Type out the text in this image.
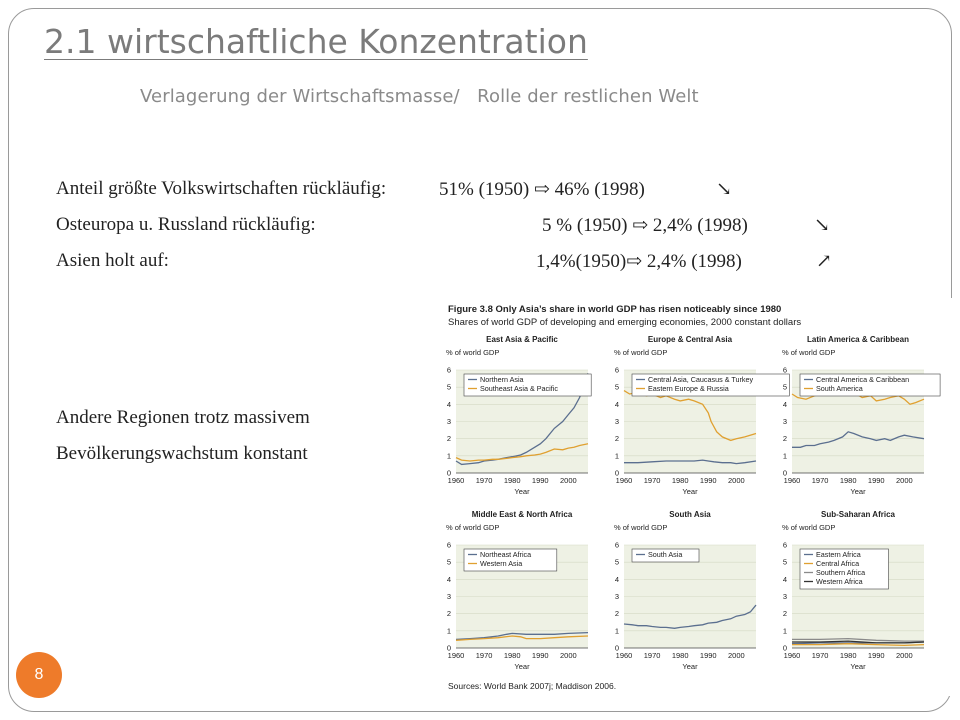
2.1 wirtschaftliche Konzentration
Verlagerung der Wirtschaftsmasse/   Rolle der restlichen Welt
Anteil größte Volkswirtschaften rückläufig:	51% (1950) ⇨ 46% (1998)	↘
Osteuropa u. Russland rückläufig:	5 % (1950) ⇨ 2,4% (1998)	↘
Asien holt auf:	1,4%(1950)⇨ 2,4% (1998)	↗
Andere Regionen trotz massivem
Bevölkerungswachstum konstant
Figure 3.8 Only Asia’s share in world GDP has risen noticeably since 1980
Shares of world GDP of developing and emerging economies, 2000 constant dollars
East Asia & Pacific
% of world GDP
0
1
2
3
4
5
6
1960 1970 1980 1990 2000
Year
Northern Asia
Southeast Asia & Pacific
Europe & Central Asia
% of world GDP
0
1
2
3
4
5
6
1960 1970 1980 1990 2000
Year
Central Asia, Caucasus & Turkey
Eastern Europe & Russia
Latin America & Caribbean
% of world GDP
0
1
2
3
4
5
6
1960 1970 1980 1990 2000
Year
Central America & Caribbean
South America
Middle East & North Africa
% of world GDP
0
1
2
3
4
5
6
1960 1970 1980 1990 2000
Year
Northeast Africa
Western Asia
South Asia
% of world GDP
0
1
2
3
4
5
6
1960 1970 1980 1990 2000
Year
South Asia
Sub-Saharan Africa
% of world GDP
0
1
2
3
4
5
6
1960 1970 1980 1990 2000
Year
Eastern Africa
Central Africa
Southern Africa
Western Africa
Sources: World Bank 2007j; Maddison 2006.
8
